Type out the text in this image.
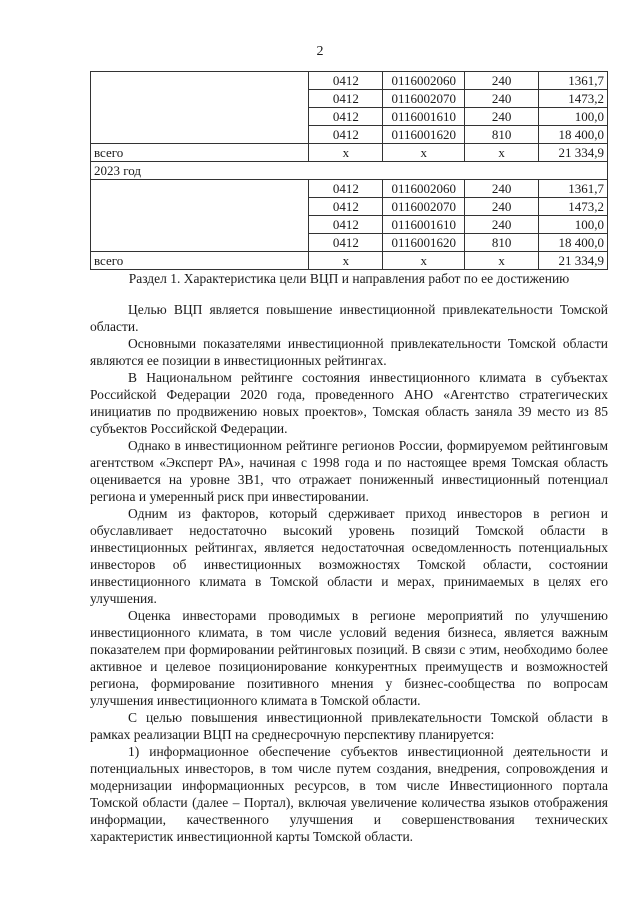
2
	0412	0116002060	240	1361,7
	0412	0116002070	240	1473,2
	0412	0116001610	240	100,0
	0412	0116001620	810	18 400,0
всего	х	х	х	21 334,9
2023 год				
	0412	0116002060	240	1361,7
	0412	0116002070	240	1473,2
	0412	0116001610	240	100,0
	0412	0116001620	810	18 400,0
всего	х	х	х	21 334,9
Раздел 1. Характеристика цели ВЦП и направления работ по ее достижению

Целью ВЦП является повышение инвестиционной привлекательности Томской области.

Основными показателями инвестиционной привлекательности Томской области являются ее позиции в инвестиционных рейтингах.

В Национальном рейтинге состояния инвестиционного климата в субъектах Российской Федерации 2020 года, проведенного АНО «Агентство стратегических инициатив по продвижению новых проектов», Томская область заняла 39 место из 85 субъектов Российской Федерации.

Однако в инвестиционном рейтинге регионов России, формируемом рейтинговым агентством «Эксперт РА», начиная с 1998 года и по настоящее время Томская область оценивается на уровне 3В1, что отражает пониженный инвестиционный потенциал региона и умеренный риск при инвестировании.

Одним из факторов, который сдерживает приход инвесторов в регион и обуславливает недостаточно высокий уровень позиций Томской области в инвестиционных рейтингах, является недостаточная осведомленность потенциальных инвесторов об инвестиционных возможностях Томской области, состоянии инвестиционного климата в Томской области и мерах, принимаемых в целях его улучшения.

Оценка инвесторами проводимых в регионе мероприятий по улучшению инвестиционного климата, в том числе условий ведения бизнеса, является важным показателем при формировании рейтинговых позиций. В связи с этим, необходимо более активное и целевое позиционирование конкурентных преимуществ и возможностей региона, формирование позитивного мнения у бизнес-сообщества по вопросам улучшения инвестиционного климата в Томской области.

С целью повышения инвестиционной привлекательности Томской области в рамках реализации ВЦП на среднесрочную перспективу планируется:

1) информационное обеспечение субъектов инвестиционной деятельности и потенциальных инвесторов, в том числе путем создания, внедрения, сопровождения и модернизации информационных ресурсов, в том числе Инвестиционного портала Томской области (далее – Портал), включая увеличение количества языков отображения информации, качественного улучшения и совершенствования технических характеристик инвестиционной карты Томской области.
